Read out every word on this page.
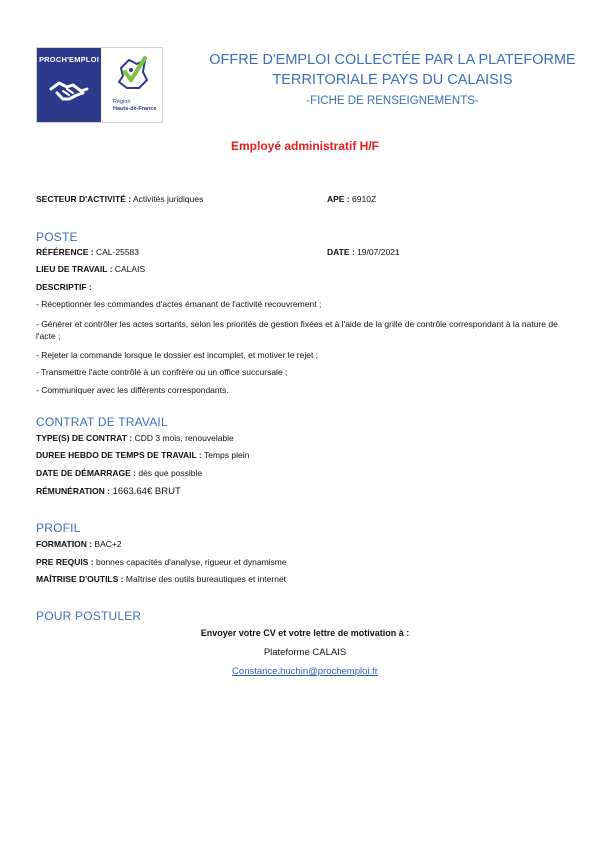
PROCH'EMPLOI
Région
Hauts-de-France
OFFRE D'EMPLOI COLLECTÉE PAR LA PLATEFORME
TERRITORIALE PAYS DU CALAISIS
-FICHE DE RENSEIGNEMENTS-
Employé administratif H/F
SECTEUR D'ACTIVITÉ : Activités juridiques	APE : 6910Z
POSTE
RÉFÉRENCE : CAL-25583	DATE : 19/07/2021
LIEU DE TRAVAIL : CALAIS
DESCRIPTIF :
- Réceptionner les commandes d'actes émanant de l'activité recouvrement ;
- Générer et contrôler les actes sortants, selon les priorités de gestion fixées et à l'aide de la grille de contrôle correspondant à la nature de l'acte ;
- Rejeter la commande lorsque le dossier est incomplet, et motiver le rejet ;
- Transmettre l'acte contrôlé à un confrère ou un office succursale ;
- Communiquer avec les différents correspondants.
CONTRAT DE TRAVAIL
TYPE(S) DE CONTRAT : CDD 3 mois, renouvelable
DUREE HEBDO DE TEMPS DE TRAVAIL : Temps plein
DATE DE DÉMARRAGE : dès que possible
RÉMUNÉRATION : 1663.64€ BRUT
PROFIL
FORMATION : BAC+2
PRE REQUIS : bonnes capacités d'analyse, rigueur et dynamisme
MAÎTRISE D'OUTILS : Maîtrise des outils bureautiques et internet
POUR POSTULER
Envoyer votre CV et votre lettre de motivation à :
Plateforme CALAIS
Constance.huchin@prochemploi.fr
